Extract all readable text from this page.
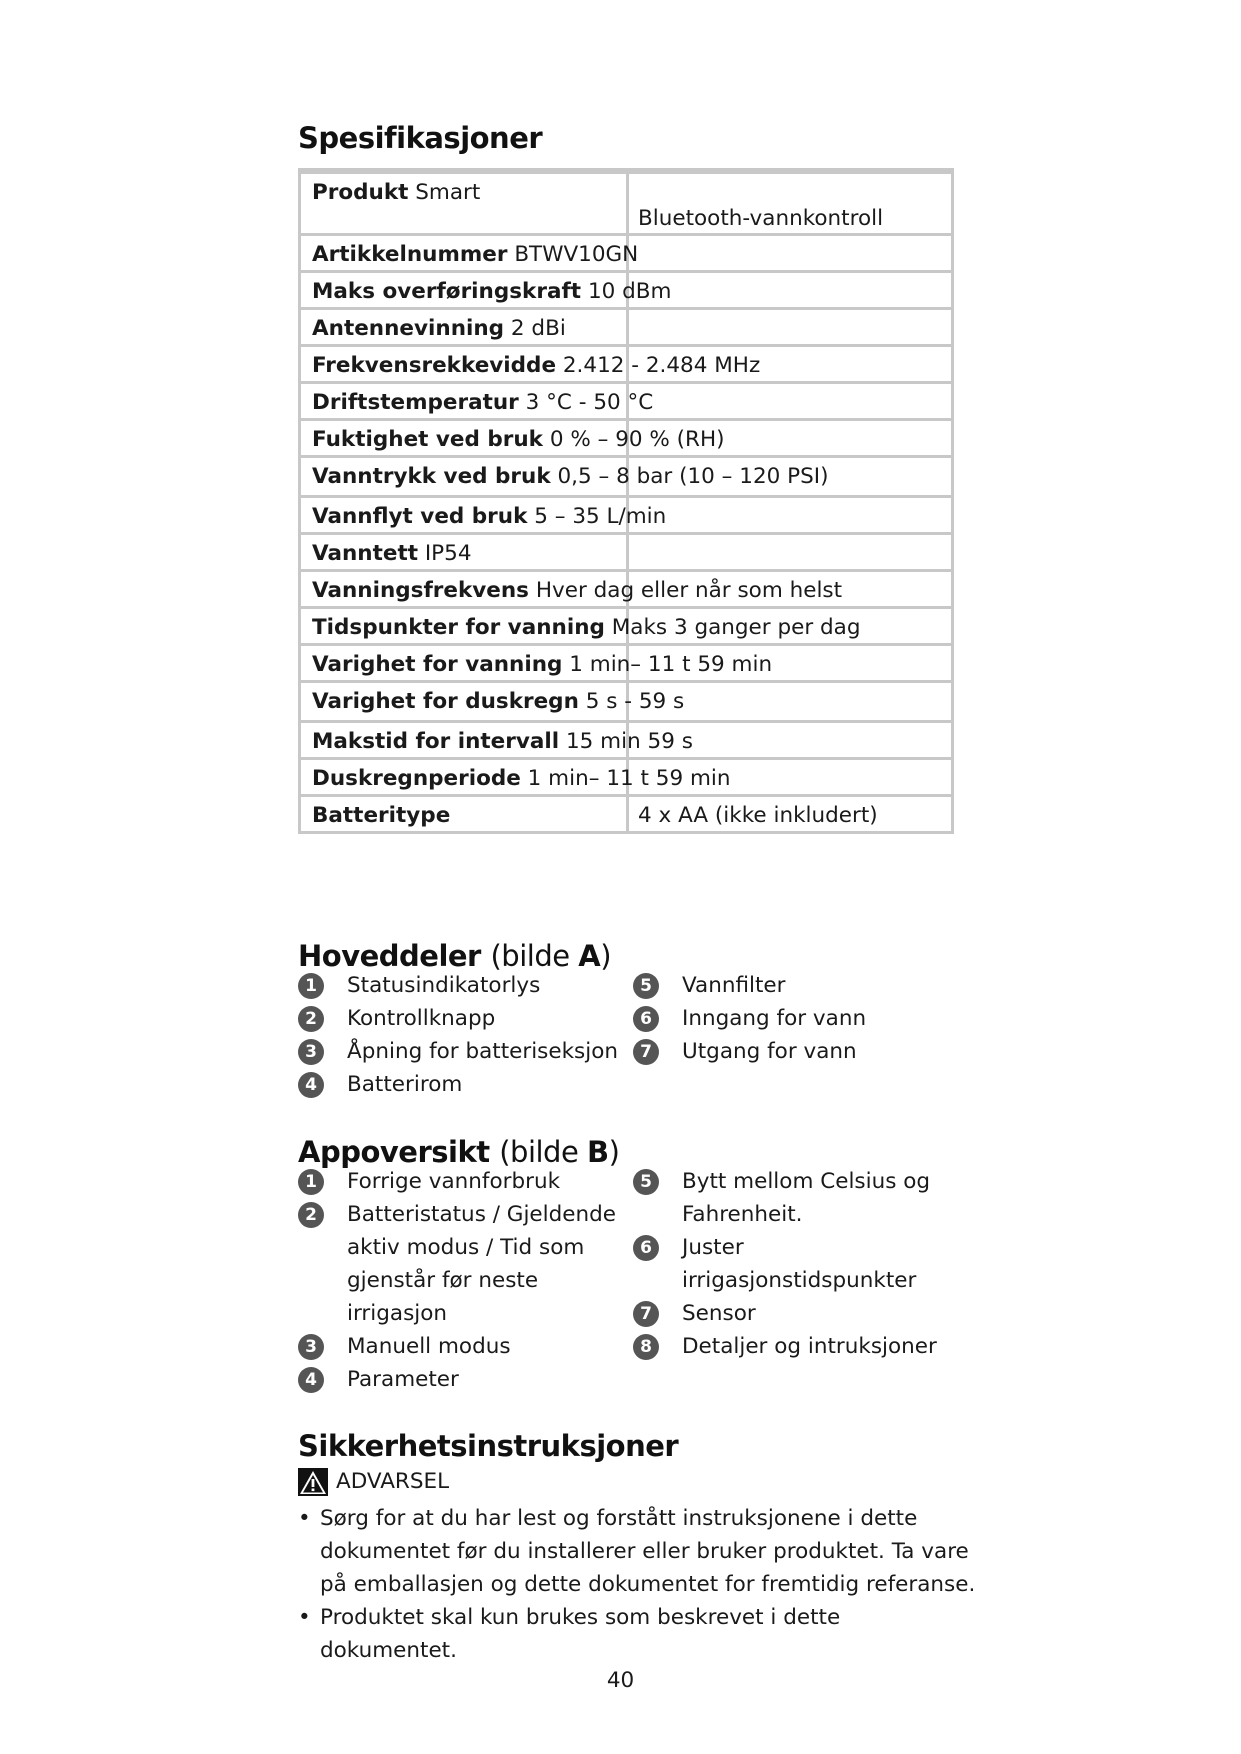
Spesifikasjoner
Produkt Smart
Bluetooth-vannkontroll
Artikkelnummer BTWV10GN
Maks overføringskraft 10 dBm
Antennevinning 2 dBi
Frekvensrekkevidde 2.412 - 2.484 MHz
Driftstemperatur 3 °C - 50 °C
Fuktighet ved bruk 0 % – 90 % (RH)
Vanntrykk ved bruk 0,5 – 8 bar (10 – 120 PSI)
Vannflyt ved bruk 5 – 35 L/min
Vanntett IP54
Vanningsfrekvens Hver dag eller når som helst
Tidspunkter for vanning Maks 3 ganger per dag
Varighet for vanning 1 min– 11 t 59 min
Varighet for duskregn 5 s - 59 s
Makstid for intervall 15 min 59 s
Duskregnperiode 1 min– 11 t 59 min
Batteritype	4 x AA (ikke inkludert)
Hoveddeler (bilde A)
1	Statusindikatorlys
2	Kontrollknapp
3	Åpning for batteriseksjon
4	Batterirom
5	Vannfilter
6	Inngang for vann
7	Utgang for vann
Appoversikt (bilde B)
1	Forrige vannforbruk
2	Batteristatus / Gjeldende
aktiv modus / Tid som
gjenstår før neste
irrigasjon
3	Manuell modus
4	Parameter
5	Bytt mellom Celsius og
Fahrenheit.
6	Juster
irrigasjonstidspunkter
7	Sensor
8	Detaljer og intruksjoner
Sikkerhetsinstruksjoner
ADVARSEL
• Sørg for at du har lest og forstått instruksjonene i dette
dokumentet før du installerer eller bruker produktet. Ta vare
på emballasjen og dette dokumentet for fremtidig referanse.
• Produktet skal kun brukes som beskrevet i dette dokumentet.
40
